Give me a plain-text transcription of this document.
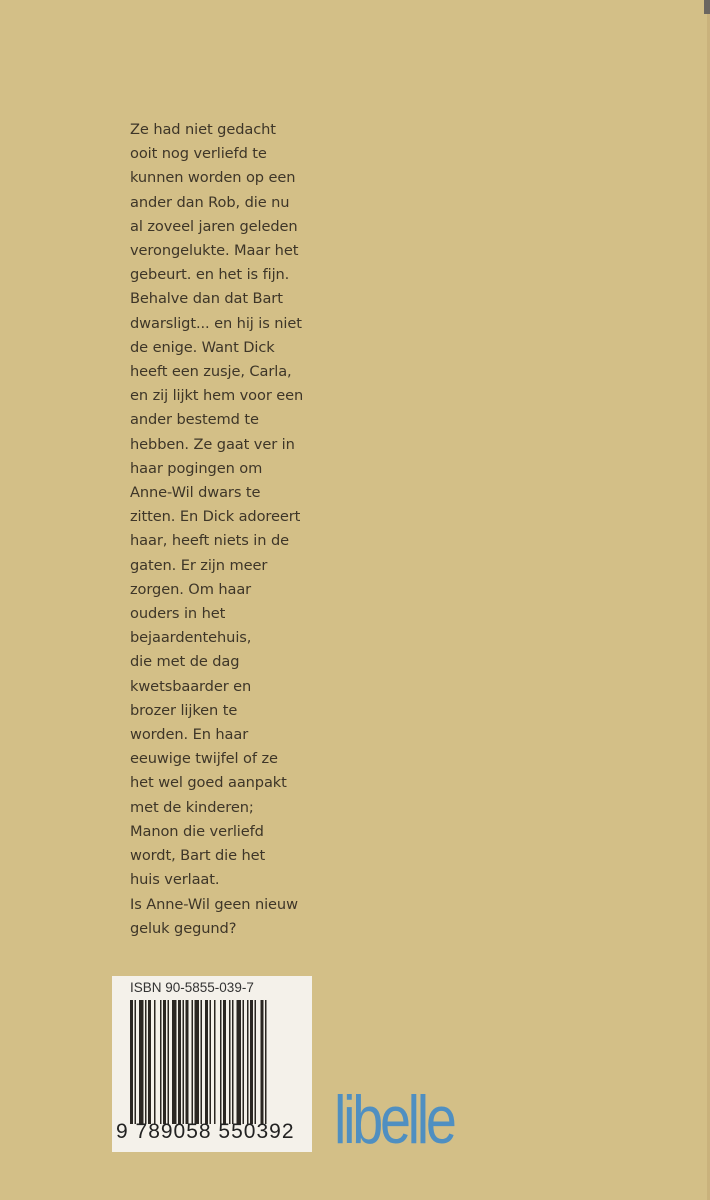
Ze had niet gedacht
ooit nog verliefd te
kunnen worden op een
ander dan Rob, die nu
al zoveel jaren geleden
verongelukte. Maar het
gebeurt. en het is fijn.
Behalve dan dat Bart
dwarsligt... en hij is niet
de enige. Want Dick
heeft een zusje, Carla,
en zij lijkt hem voor een
ander bestemd te
hebben. Ze gaat ver in
haar pogingen om
Anne-Wil dwars te
zitten. En Dick adoreert
haar, heeft niets in de
gaten. Er zijn meer
zorgen. Om haar
ouders in het
bejaardentehuis,
die met de dag
kwetsbaarder en
brozer lijken te
worden. En haar
eeuwige twijfel of ze
het wel goed aanpakt
met de kinderen;
Manon die verliefd
wordt, Bart die het
huis verlaat.
Is Anne-Wil geen nieuw
geluk gegund?
ISBN 90-5855-039-7
9 789058 550392 libelle
